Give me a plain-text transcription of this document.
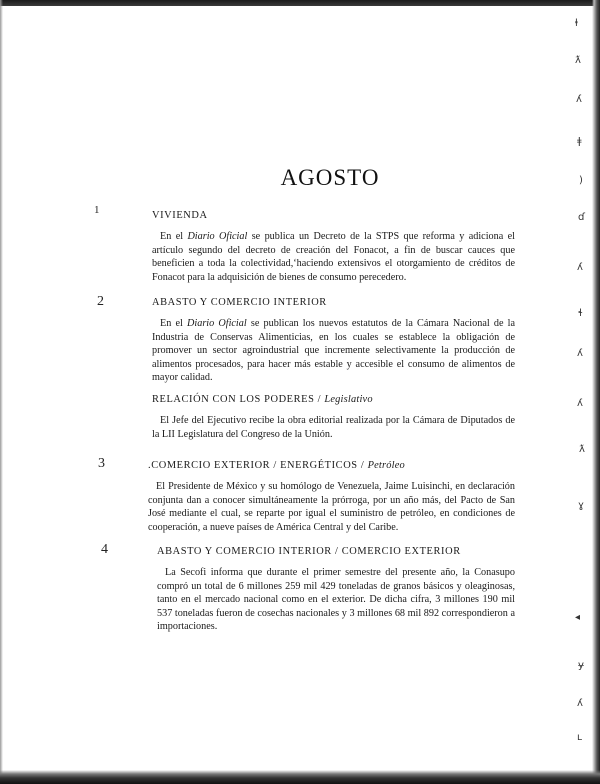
ⱡ
ƛ
ʎ
ǂ
)
ɗ
ʎ
ɬ
ʎ
ʎ
ƛ
ɣ
◂
ɏ
ʎ
ʟ
AGOSTO
1	VIVIENDA

En el Diario Oficial se publica un Decreto de la STPS que reforma y adiciona el artículo segundo del decreto de creación del Fonacot, a fin de buscar cauces que beneficien a toda la colectividad,‘haciendo extensivos el otorgamiento de créditos de Fonacot para la adquisición de bienes de consumo perecedero.

2	ABASTO Y COMERCIO INTERIOR

En el Diario Oficial se publican los nuevos estatutos de la Cámara Nacional de la Industria de Conservas Alimenticias, en los cuales se establece la obligación de promover un sector agroindustrial que incremente selectivamente la producción de alimentos procesados, para hacer más estable y accesible el consumo de alimentos de mayor calidad.

RELACIÓN CON LOS PODERES / Legislativo

El Jefe del Ejecutivo recibe la obra editorial realizada por la Cámara de Diputados de la LII Legislatura del Congreso de la Unión.

3	.COMERCIO EXTERIOR / ENERGÉTICOS / Petróleo

El Presidente de México y su homólogo de Venezuela, Jaime Luisinchi, en declaración conjunta dan a conocer simultáneamente la prórroga, por un año más, del Pacto de San José mediante el cual, se reparte por igual el suministro de petróleo, en condiciones de cooperación, a nueve países de América Central y del Caribe.

4	ABASTO Y COMERCIO INTERIOR / COMERCIO EXTERIOR

La Secofi informa que durante el primer semestre del presente año, la Conasupo compró un total de 6 millones 259 mil 429 toneladas de granos básicos y oleaginosas, tanto en el mercado nacional como en el exterior. De dicha cifra, 3 millones 190 mil 537 toneladas fueron de cosechas nacionales y 3 millones 68 mil 892 correspondieron a importaciones.
